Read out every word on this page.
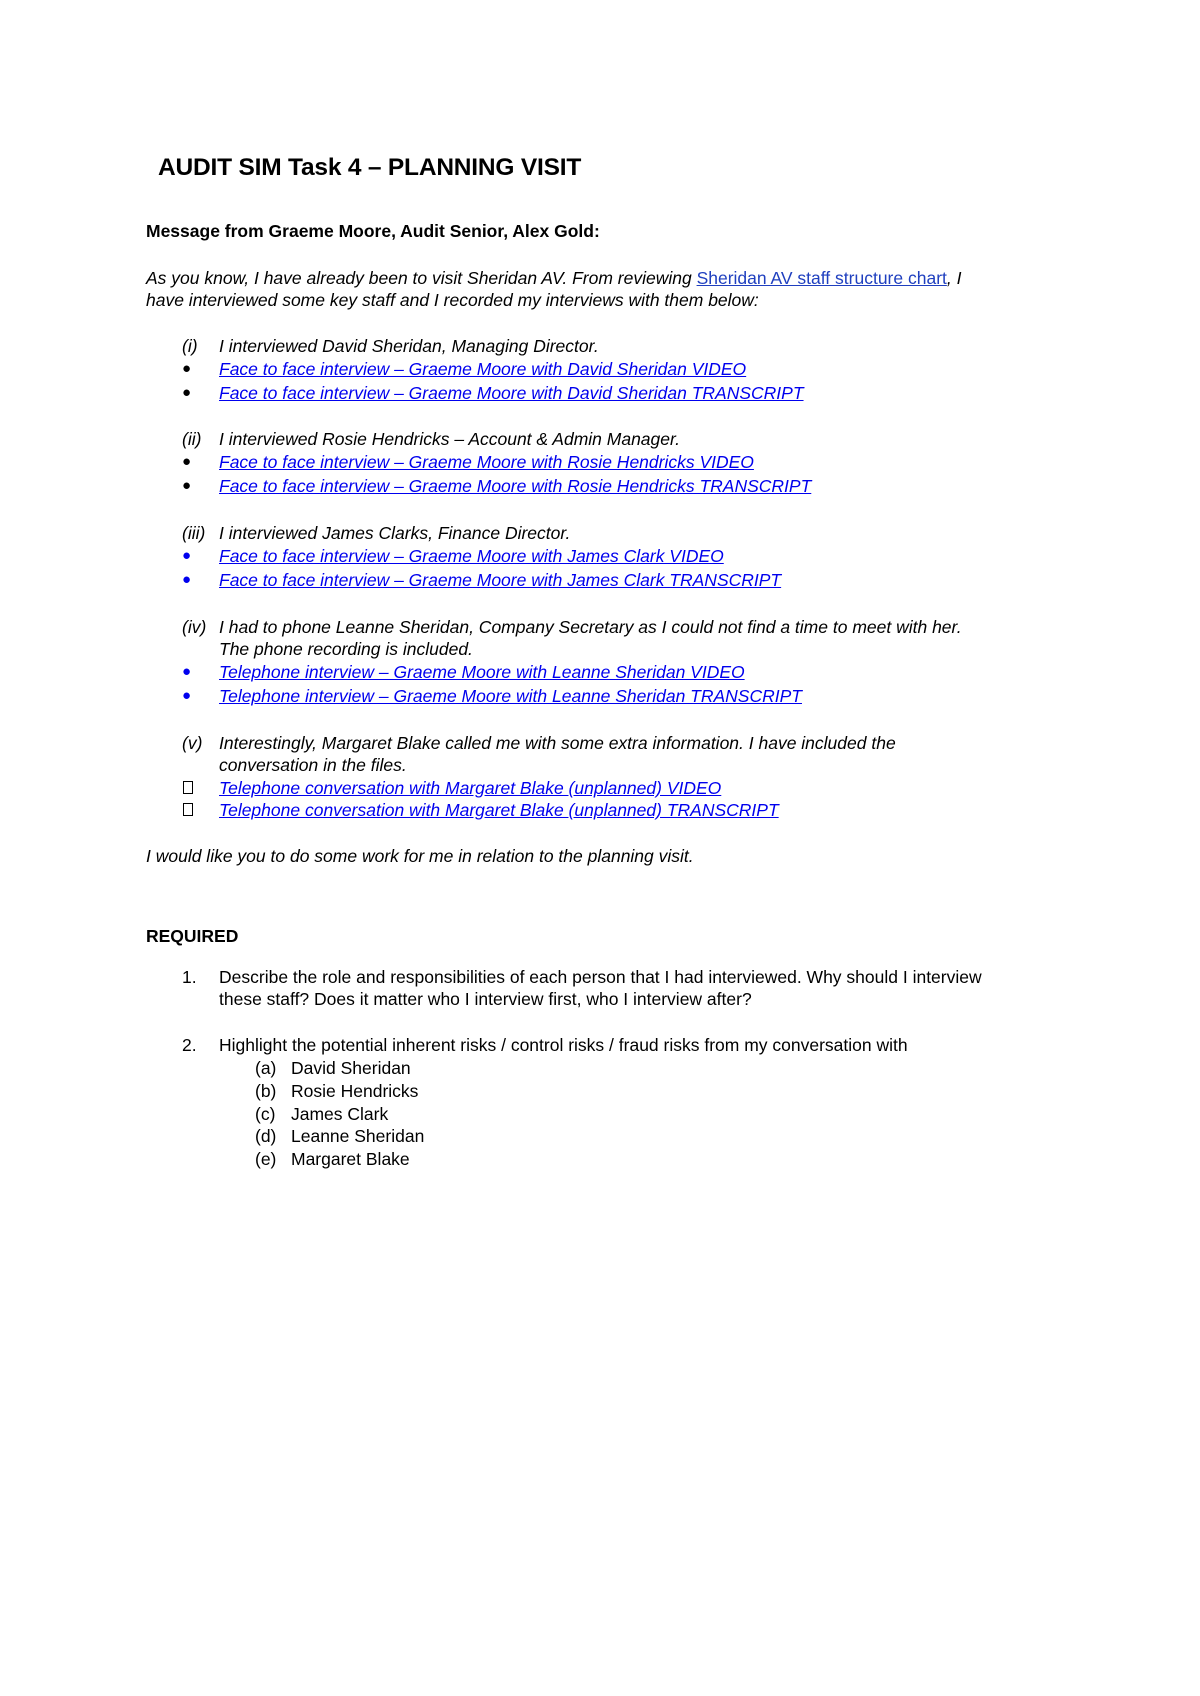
AUDIT SIM Task 4 – PLANNING VISIT
Message from Graeme Moore, Audit Senior, Alex Gold:
As you know, I have already been to visit Sheridan AV. From reviewing Sheridan AV staff structure chart, I
have interviewed some key staff and I recorded my interviews with them below:
(i) I interviewed David Sheridan, Managing Director.
● Face to face interview – Graeme Moore with David Sheridan VIDEO
● Face to face interview – Graeme Moore with David Sheridan TRANSCRIPT
(ii) I interviewed Rosie Hendricks – Account & Admin Manager.
● Face to face interview – Graeme Moore with Rosie Hendricks VIDEO
● Face to face interview – Graeme Moore with Rosie Hendricks TRANSCRIPT
(iii) I interviewed James Clarks, Finance Director.
● Face to face interview – Graeme Moore with James Clark VIDEO
● Face to face interview – Graeme Moore with James Clark TRANSCRIPT
(iv) I had to phone Leanne Sheridan, Company Secretary as I could not find a time to meet with her.
The phone recording is included.
● Telephone interview – Graeme Moore with Leanne Sheridan VIDEO
● Telephone interview – Graeme Moore with Leanne Sheridan TRANSCRIPT
(v) Interestingly, Margaret Blake called me with some extra information. I have included the
conversation in the files.
Telephone conversation with Margaret Blake (unplanned) VIDEO
Telephone conversation with Margaret Blake (unplanned) TRANSCRIPT
I would like you to do some work for me in relation to the planning visit.
REQUIRED
1. Describe the role and responsibilities of each person that I had interviewed. Why should I interview
these staff? Does it matter who I interview first, who I interview after?
2. Highlight the potential inherent risks / control risks / fraud risks from my conversation with
(a) David Sheridan
(b) Rosie Hendricks
(c) James Clark
(d) Leanne Sheridan
(e) Margaret Blake
